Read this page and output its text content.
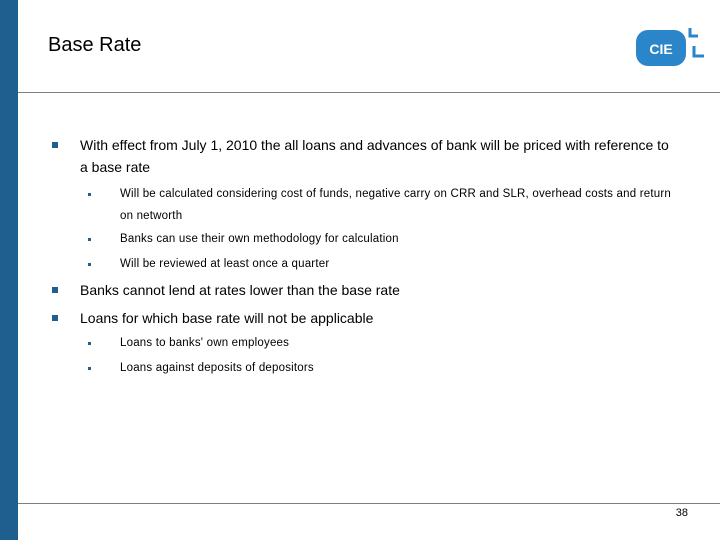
Base Rate	CIE
With effect from July 1, 2010 the all loans and advances of bank will be priced with reference to a base rate
Will be calculated considering cost of funds, negative carry on CRR and SLR, overhead costs and return on networth
Banks can use their own methodology for calculation
Will be reviewed at least once a quarter
Banks cannot lend at rates lower than the base rate
Loans for which base rate will not be applicable
Loans to banks' own employees
Loans against deposits of depositors
38
